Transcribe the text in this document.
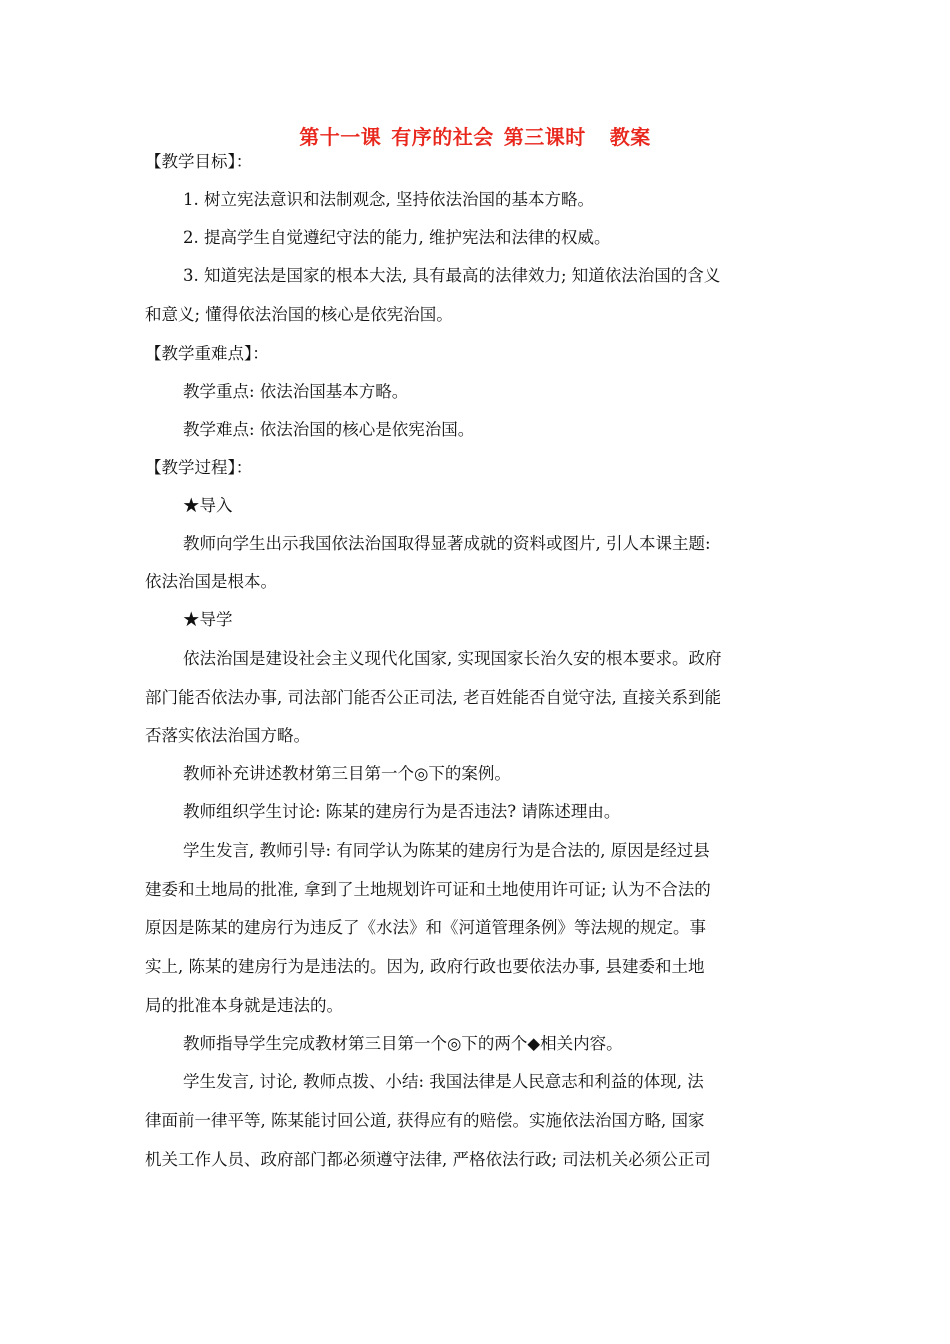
第十一课 有序的社会 第三课时 教案
【教学目标】：
1. 树立宪法意识和法制观念, 坚持依法治国的基本方略。
2. 提高学生自觉遵纪守法的能力, 维护宪法和法律的权威。
3. 知道宪法是国家的根本大法, 具有最高的法律效力; 知道依法治国的含义
和意义; 懂得依法治国的核心是依宪治国。
【教学重难点】：
教学重点: 依法治国基本方略。
教学难点: 依法治国的核心是依宪治国。
【教学过程】：
★导入
教师向学生出示我国依法治国取得显著成就的资料或图片, 引人本课主题:
依法治国是根本。
★导学
依法治国是建设社会主义现代化国家, 实现国家长治久安的根本要求。政府
部门能否依法办事, 司法部门能否公正司法, 老百姓能否自觉守法, 直接关系到能
否落实依法治国方略。
教师补充讲述教材第三目第一个◎下的案例。
教师组织学生讨论: 陈某的建房行为是否违法? 请陈述理由。
学生发言, 教师引导: 有同学认为陈某的建房行为是合法的, 原因是经过县
建委和土地局的批准, 拿到了土地规划许可证和土地使用许可证; 认为不合法的
原因是陈某的建房行为违反了《水法》和《河道管理条例》等法规的规定。事
实上, 陈某的建房行为是违法的。因为, 政府行政也要依法办事, 县建委和土地
局的批准本身就是违法的。
教师指导学生完成教材第三目第一个◎下的两个◆相关内容。
学生发言, 讨论, 教师点拨、小结: 我国法律是人民意志和利益的体现, 法
律面前一律平等, 陈某能讨回公道, 获得应有的赔偿。实施依法治国方略, 国家
机关工作人员、政府部门都必须遵守法律, 严格依法行政; 司法机关必须公正司
